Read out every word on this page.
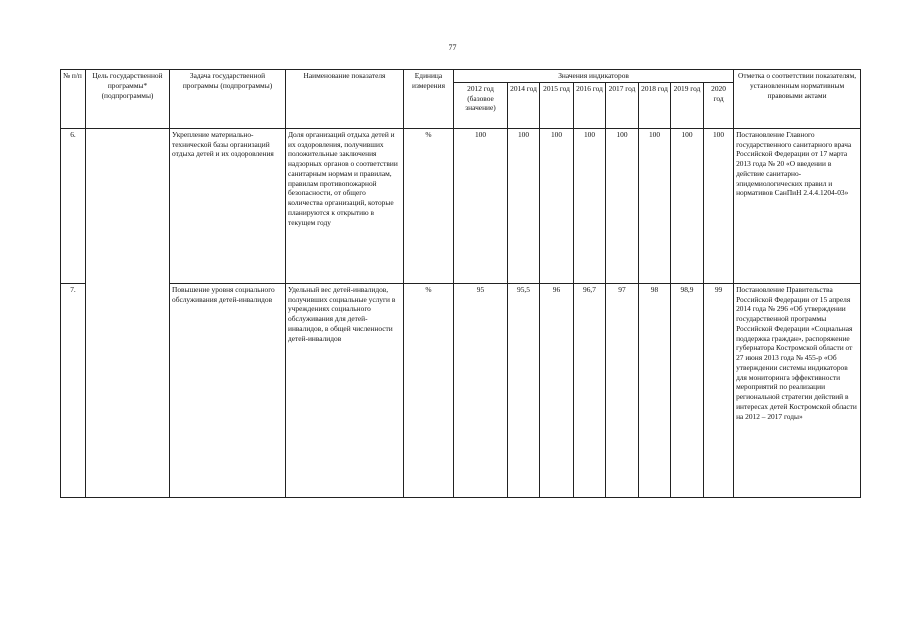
77
№ п/п	Цель государственной программы* (подпрограммы)	Задача государственной программы (подпрограммы)	Наименование показателя	Единица измерения	Значения индикаторов								Отметка о соответствии показателям, установленным нормативным правовыми актами
					2012 год (базовое значение)	2014 год	2015 год	2016 год	2017 год	2018 год	2019 год	2020 год	
6.		Укрепление материально-технической базы организаций отдыха детей и их оздоровления	Доля организаций отдыха детей и их оздоровления, получивших положительные заключения надзорных органов о соответствии санитарным нормам и правилам, правилам противопожарной безопасности, от общего количества организаций, которые планируются к открытию в текущем году	%	100	100	100	100	100	100	100	100	Постановление Главного государственного санитарного врача Российской Федерации от 17 марта 2013 года № 20 «О введении в действие санитарно- эпидемиологических правил и нормативов СанПиН 2.4.4.1204-03»
7.		Повышение уровня социального обслуживания детей-инвалидов	Удельный вес детей-инвалидов, получивших социальные услуги в учреждениях социального обслуживания для детей-инвалидов, в общей численности детей-инвалидов	%	95	95,5	96	96,7	97	98	98,9	99	Постановление Правительства Российской Федерации от 15 апреля 2014 года № 296 «Об утверждении государственной программы Российской Федерации «Социальная поддержка граждан», распоряжение губернатора Костромской области от 27 июня 2013 года № 455-р «Об утверждении системы индикаторов для мониторинга эффективности мероприятий по реализации региональной стратегии действий в интересах детей Костромской области на 2012 – 2017 годы»
